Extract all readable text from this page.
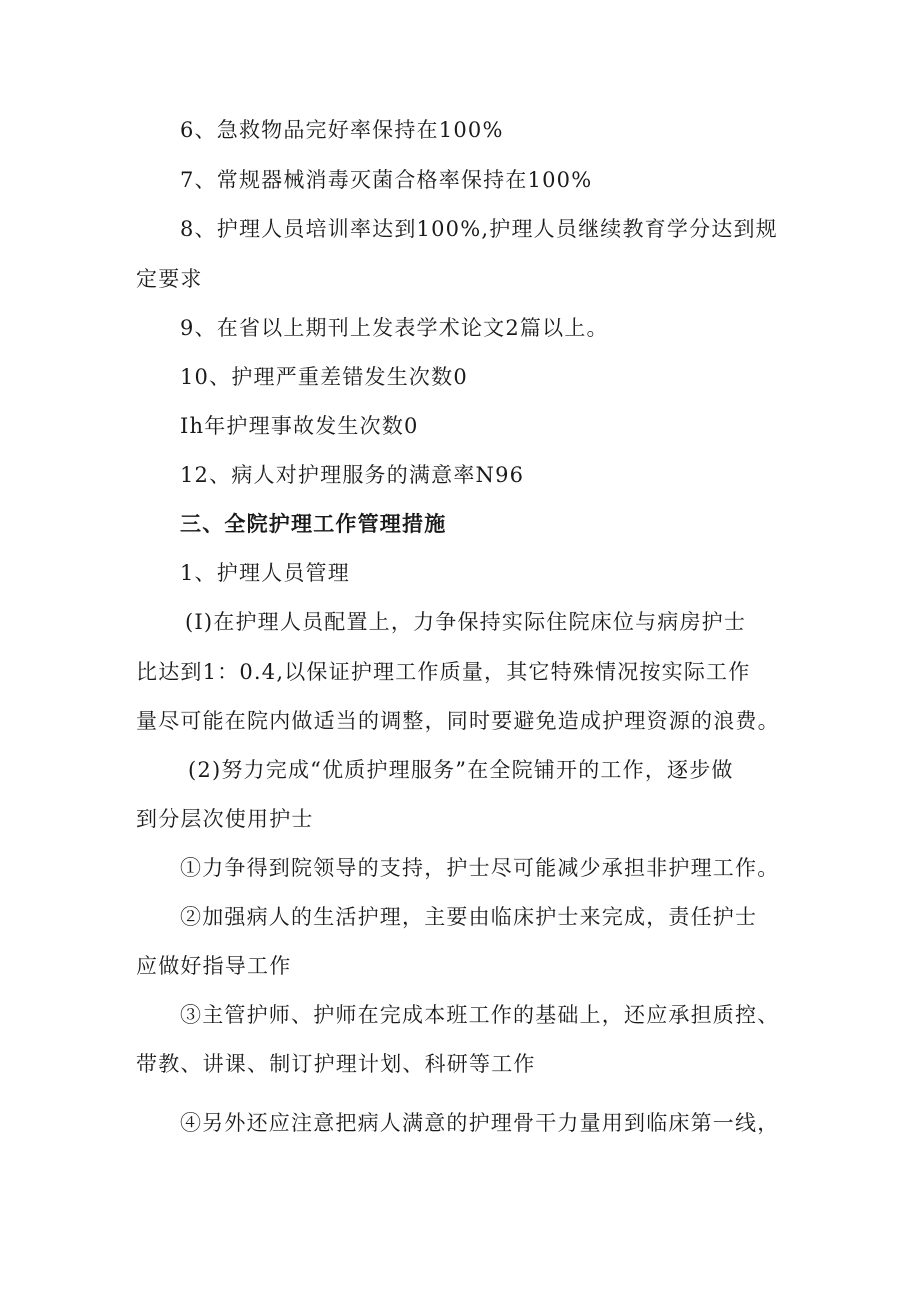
6、急救物品完好率保持在100%
7、常规器械消毒灭菌合格率保持在100%
8、护理人员培训率达到100%,护理人员继续教育学分达到规
定要求
9、在省以上期刊上发表学术论文2篇以上。
10、护理严重差错发生次数0
Ih年护理事故发生次数0
12、病人对护理服务的满意率N96
三、全院护理工作管理措施
1、护理人员管理
(I)在护理人员配置上，力争保持实际住院床位与病房护士
比达到1：0.4,以保证护理工作质量，其它特殊情况按实际工作
量尽可能在院内做适当的调整，同时要避免造成护理资源的浪费。
(2)努力完成“优质护理服务”在全院铺开的工作，逐步做
到分层次使用护士
①力争得到院领导的支持，护士尽可能减少承担非护理工作。
②加强病人的生活护理，主要由临床护士来完成，责任护士
应做好指导工作
③主管护师、护师在完成本班工作的基础上，还应承担质控、
带教、讲课、制订护理计划、科研等工作
④另外还应注意把病人满意的护理骨干力量用到临床第一线，
